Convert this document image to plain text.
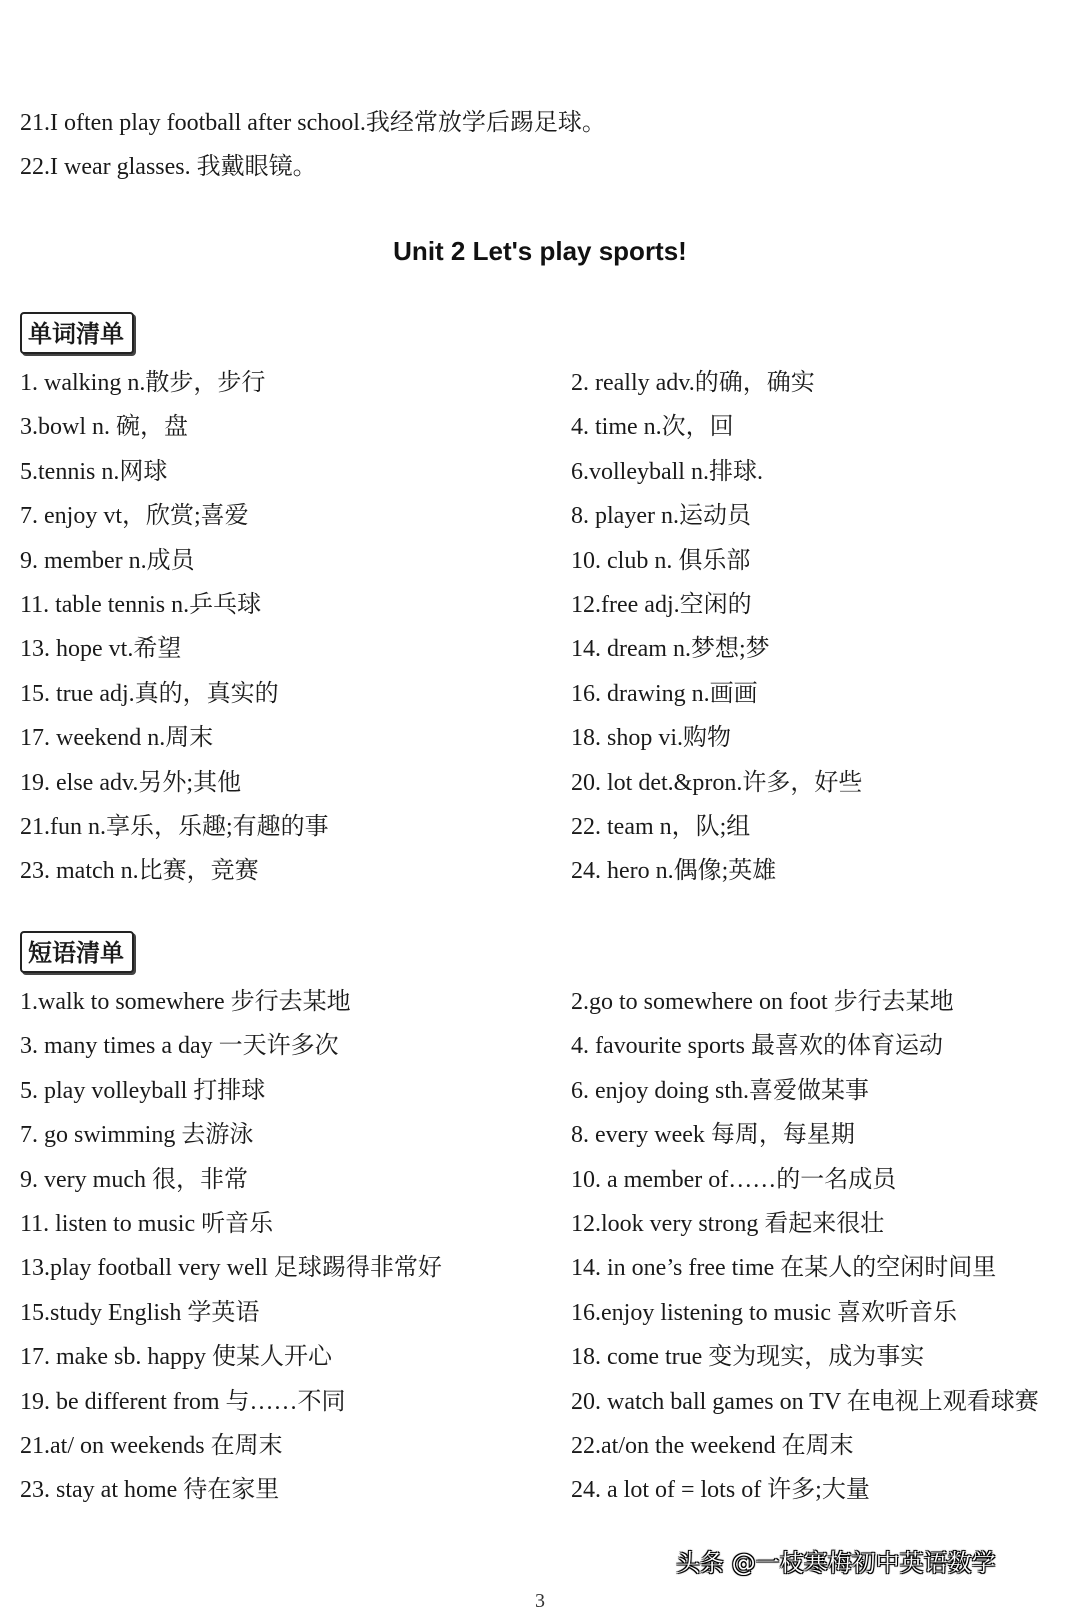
21.I often play football after school.我经常放学后踢足球。
22.I wear glasses. 我戴眼镜。
Unit 2 Let's play sports!
单词清单
1. walking n.散步，步行	2. really adv.的确，确实
3.bowl n. 碗，盘	4. time n.次，回
5.tennis n.网球	6.volleyball n.排球.
7. enjoy vt，欣赏;喜爱	8. player n.运动员
9. member n.成员	10. club n. 俱乐部
11. table tennis n.乒乓球	12.free adj.空闲的
13. hope vt.希望	14. dream n.梦想;梦
15. true adj.真的，真实的	16. drawing n.画画
17. weekend n.周末	18. shop vi.购物
19. else adv.另外;其他	20. lot det.&pron.许多，好些
21.fun n.享乐，乐趣;有趣的事	22. team n，队;组
23. match n.比赛，竞赛	24. hero n.偶像;英雄
短语清单
1.walk to somewhere 步行去某地	2.go to somewhere on foot 步行去某地
3. many times a day 一天许多次	4. favourite sports 最喜欢的体育运动
5. play volleyball 打排球	6. enjoy doing sth.喜爱做某事
7. go swimming 去游泳	8. every week 每周，每星期
9. very much 很，非常	10. a member of……的一名成员
11. listen to music 听音乐	12.look very strong 看起来很壮
13.play football very well 足球踢得非常好	14. in one’s free time 在某人的空闲时间里
15.study English 学英语	16.enjoy listening to music 喜欢听音乐
17. make sb. happy 使某人开心	18. come true 变为现实，成为事实
19. be different from 与……不同	20. watch ball games on TV 在电视上观看球赛
21.at/ on weekends 在周末	22.at/on the weekend 在周末
23. stay at home 待在家里	24. a lot of = lots of 许多;大量
头条 @一枝寒梅初中英语数学
3
